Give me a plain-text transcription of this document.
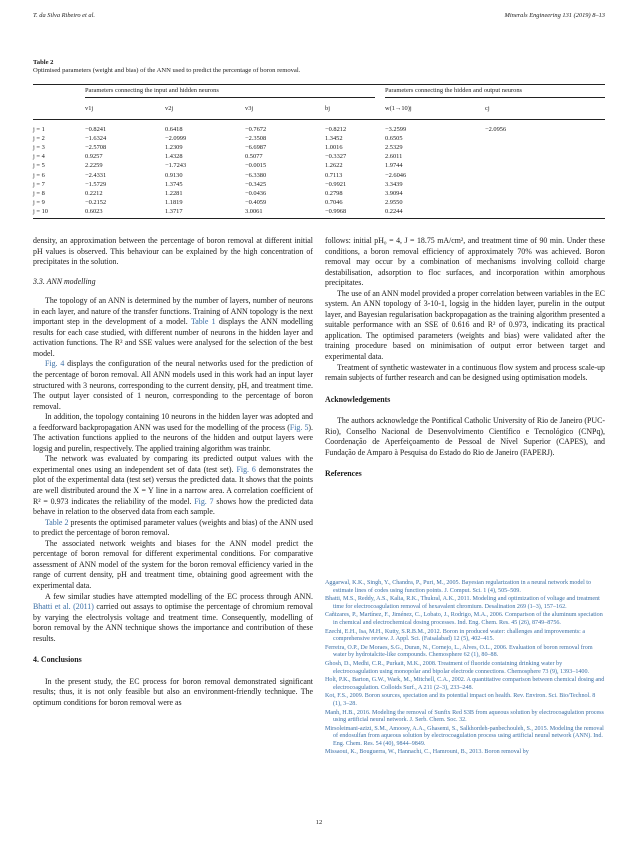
T. da Silva Ribeiro et al.	Minerals Engineering 131 (2019) 8–13
Table 2
Optimised parameters (weight and bias) of the ANN used to predict the percentage of boron removal.
Parameters connecting the input and hidden neurons	Parameters connecting the hidden and output neurons
v1j	v2j	v3j	bj	w(1→10)j	cj
j = 1	−0.8241	0.6418	−0.7672	−0.8212	−3.2599	−2.0956
j = 2	−1.6324	−2.0999	−2.3508	1.3452	0.6505
j = 3	−2.5708	1.2309	−6.6987	1.0016	2.5329
j = 4	0.9257	1.4328	0.5077	−0.3327	2.6011
j = 5	2.2259	−1.7243	−0.0015	1.2622	1.9744
j = 6	−2.4331	0.9130	−6.3380	0.7113	−2.6046
j = 7	−1.5729	1.3745	−0.3425	−0.9921	3.3439
j = 8	0.2212	1.2281	−0.0436	0.2798	3.9094
j = 9	−0.2152	1.1819	−0.4059	0.7046	2.9550
j = 10	0.6023	1.3717	3.0061	−0.9968	0.2244

density, an approximation between the percentage of boron removal at different initial pH values is observed. This behaviour can be explained by the high concentration of precipitates in the solution.

3.3. ANN modelling

The topology of an ANN is determined by the number of layers, number of neurons in each layer, and nature of the transfer functions. Training of ANN topology is the next important step in the development of a model. Table 1 displays the ANN modelling results for each case studied, with different number of neurons in the hidden layer and activation functions. The R² and SSE values were analysed for the selection of the best model.

Fig. 4 displays the configuration of the neural networks used for the prediction of the percentage of boron removal. All ANN models used in this work had an input layer structured with 3 neurons, corresponding to the current density, pH, and treatment time. The output layer consisted of 1 neuron, corresponding to the percentage of boron removal.

In addition, the topology containing 10 neurons in the hidden layer was adopted and a feedforward backpropagation ANN was used for the modelling of the process (Fig. 5). The activation functions applied to the neurons of the hidden and output layers were logsig and purelin, respectively. The applied training algorithm was trainbr.

The network was evaluated by comparing its predicted output values with the experimental ones using an independent set of data (test set). Fig. 6 demonstrates the plot of the experimental data (test set) versus the predicted data. It shows that the points are well distributed around the X = Y line in a narrow area. A correlation coefficient of R² = 0.973 indicates the reliability of the model. Fig. 7 shows how the predicted data behave in relation to the observed data from each sample.

Table 2 presents the optimised parameter values (weights and bias) of the ANN used to predict the percentage of boron removal.

The associated network weights and biases for the ANN model predict the percentage of boron removal for different experimental conditions. For comparative assessment of ANN model of the system for the boron removal efficiency varied in the range of current density, pH and treatment time, obtaining good agreement with the experimental data.

A few similar studies have attempted modelling of the EC process through ANN. Bhatti et al. (2011) carried out assays to optimise the percentage of chromium removal by varying the electrolysis voltage and treatment time. Consequently, modelling of boron removal by the ANN technique shows the importance and contribution of these results.

4. Conclusions

In the present study, the EC process for boron removal demonstrated significant results; thus, it is not only feasible but also an environment-friendly technique. The optimum conditions for boron removal were as

follows: initial pH₀ = 4, J = 18.75 mA/cm², and treatment time of 90 min. Under these conditions, a boron removal efficiency of approximately 70% was achieved. Boron removal may occur by a combination of mechanisms involving colloid charge destabilisation, adsorption to floc surfaces, and incorporation within amorphous precipitates.

The use of an ANN model provided a proper correlation between variables in the EC system. An ANN topology of 3-10-1, logsig in the hidden layer, purelin in the output layer, and Bayesian regularisation backpropagation as the training algorithm presented a suitable performance with an SSE of 0.616 and R² of 0.973, indicating its practical application. The optimised parameters (weights and bias) were validated after the training procedure based on minimisation of output error between target and experimental data.

Treatment of synthetic wastewater in a continuous flow system and process scale-up remain subjects of further research and can be designed using optimisation models.

Acknowledgements

The authors acknowledge the Pontifical Catholic University of Rio de Janeiro (PUC-Rio), Conselho Nacional de Desenvolvimento Científico e Tecnológico (CNPq), Coordenação de Aperfeiçoamento de Pessoal de Nível Superior (CAPES), and Fundação de Amparo à Pesquisa do Estado do Rio de Janeiro (FAPERJ).

References

Aggarwal, K.K., Singh, Y., Chandra, P., Puri, M., 2005. Bayesian regularization in a neural network model to estimate lines of codes using function points. J. Comput. Sci. 1 (4), 505–509.
Bhatti, M.S., Reddy, A.S., Kalia, R.K., Thukral, A.K., 2011. Modeling and optimization of voltage and treatment time for electrocoagulation removal of hexavalent chromium. Desalination 269 (1–3), 157–162.
Cañizares, P., Martínez, F., Jiménez, C., Lobato, J., Rodrigo, M.A., 2006. Comparison of the aluminum speciation in chemical and electrochemical dosing processes. Ind. Eng. Chem. Res. 45 (26), 8749–8756.
Ezechi, E.H., Isa, M.H., Kutty, S.R.B.M., 2012. Boron in produced water: challenges and improvements: a comprehensive review. J. Appl. Sci. (Faisalabad) 12 (5), 402–415.
Ferreira, O.P., De Moraes, S.G., Duran, N., Cornejo, L., Alves, O.L., 2006. Evaluation of boron removal from water by hydrotalcite-like compounds. Chemosphere 62 (1), 80–88.
Ghosh, D., Medhi, C.R., Purkait, M.K., 2008. Treatment of fluoride containing drinking water by electrocoagulation using monopolar and bipolar electrode connections. Chemosphere 73 (9), 1393–1400.
Holt, P.K., Barton, G.W., Wark, M., Mitchell, C.A., 2002. A quantitative comparison between chemical dosing and electrocoagulation. Colloids Surf., A 211 (2–3), 233–248.
Kot, F.S., 2009. Boron sources, speciation and its potential impact on health. Rev. Environ. Sci. Bio/Technol. 8 (1), 3–28.
Manh, H.B., 2016. Modeling the removal of Sunfix Red S3B from aqueous solution by electrocoagulation process using artificial neural network. J. Serb. Chem. Soc. 32.
Mirsoleimani-azizi, S.M., Amooey, A.A., Ghasemi, S., Salkhordeh-panbechouleh, S., 2015. Modeling the removal of endosulfan from aqueous solution by electrocoagulation process using artificial neural network (ANN). Ind. Eng. Chem. Res. 54 (40), 9844–9849.
Missaoui, K., Bouguerra, W., Hannachi, C., Hamrouni, B., 2013. Boron removal by
12
